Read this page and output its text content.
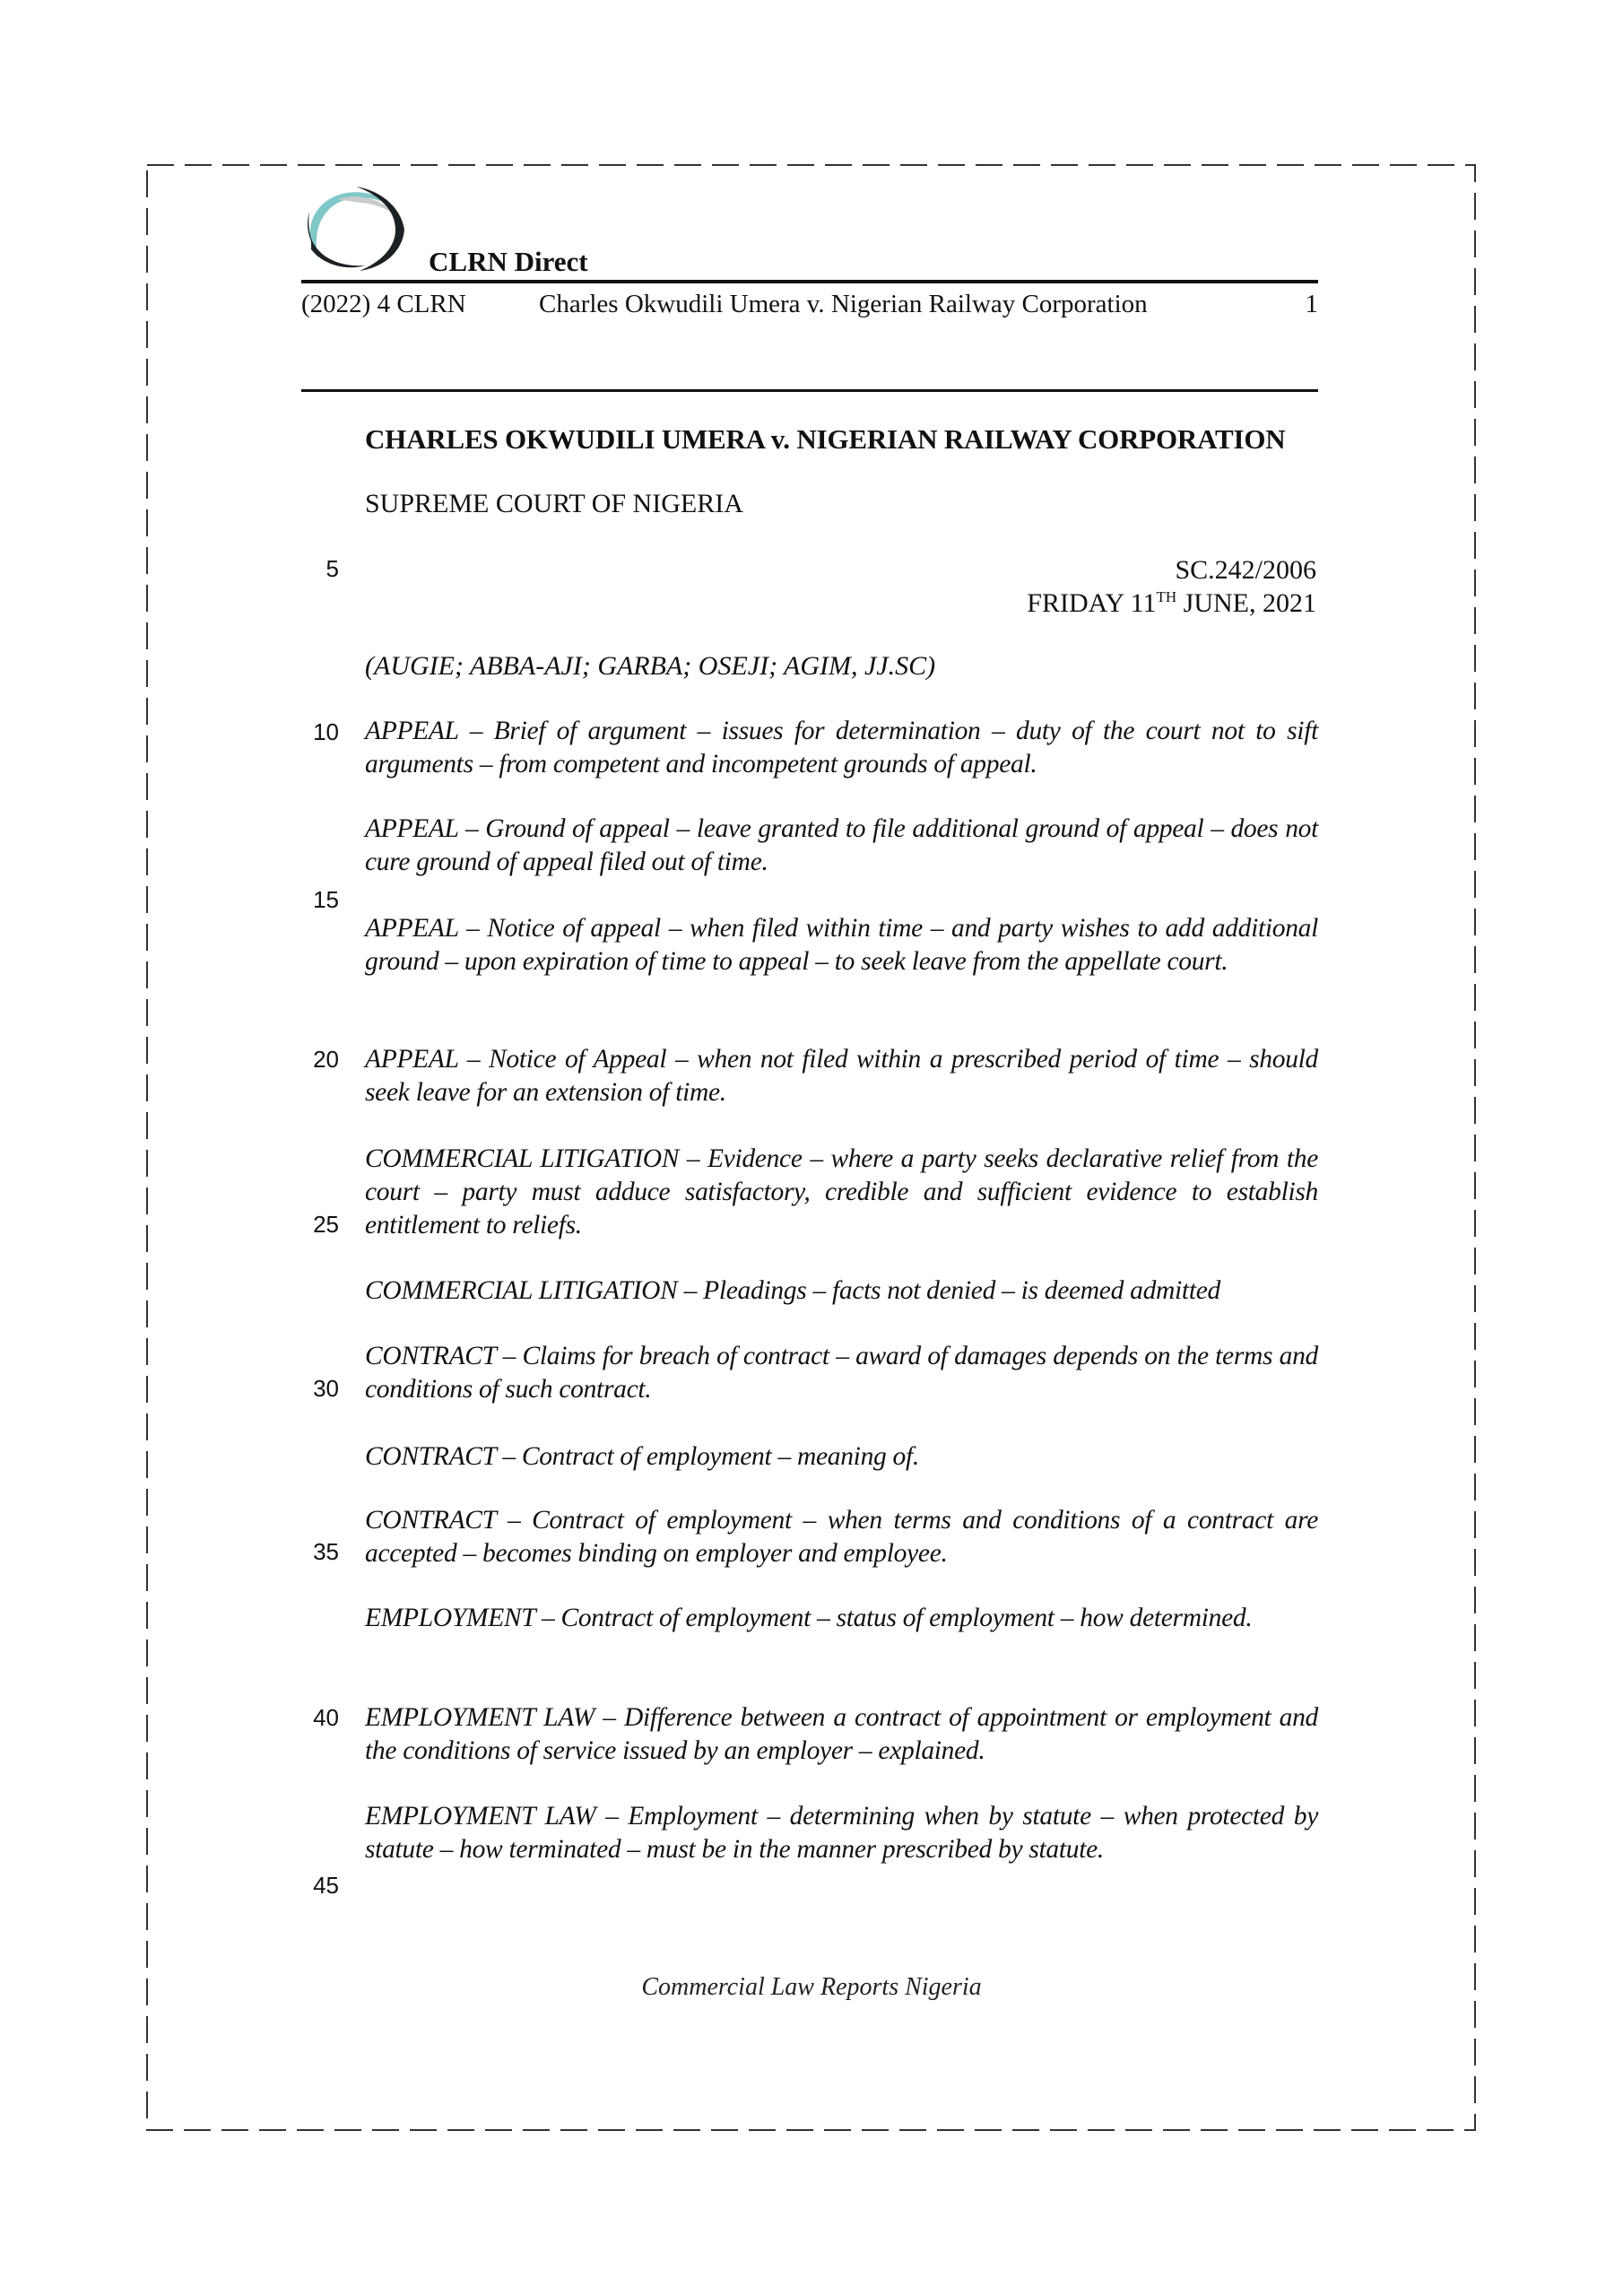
CLRN Direct
(2022) 4 CLRN	Charles Okwudili Umera v. Nigerian Railway Corporation	1
CHARLES OKWUDILI UMERA v. NIGERIAN RAILWAY CORPORATION
SUPREME COURT OF NIGERIA
SC.242/2006
FRIDAY 11TH JUNE, 2021
(AUGIE; ABBA-AJI; GARBA; OSEJI; AGIM, JJ.SC)
5
10
15
20
25
30
35
40
45
APPEAL – Brief of argument – issues for determination – duty of the court not to sift arguments – from competent and incompetent grounds of appeal.
APPEAL – Ground of appeal – leave granted to file additional ground of appeal – does not cure ground of appeal filed out of time.
APPEAL – Notice of appeal – when filed within time – and party wishes to add additional ground – upon expiration of time to appeal – to seek leave from the appellate court.
APPEAL – Notice of Appeal – when not filed within a prescribed period of time – should seek leave for an extension of time.
COMMERCIAL LITIGATION – Evidence – where a party seeks declarative relief from the court – party must adduce satisfactory, credible and sufficient evidence to establish entitlement to reliefs.
COMMERCIAL LITIGATION – Pleadings – facts not denied – is deemed admitted
CONTRACT – Claims for breach of contract – award of damages depends on the terms and conditions of such contract.
CONTRACT – Contract of employment – meaning of.
CONTRACT – Contract of employment – when terms and conditions of a contract are accepted – becomes binding on employer and employee.
EMPLOYMENT – Contract of employment – status of employment – how determined.
EMPLOYMENT LAW – Difference between a contract of appointment or employment and the conditions of service issued by an employer – explained.
EMPLOYMENT LAW – Employment – determining when by statute – when protected by statute – how terminated – must be in the manner prescribed by statute.
Commercial Law Reports Nigeria
